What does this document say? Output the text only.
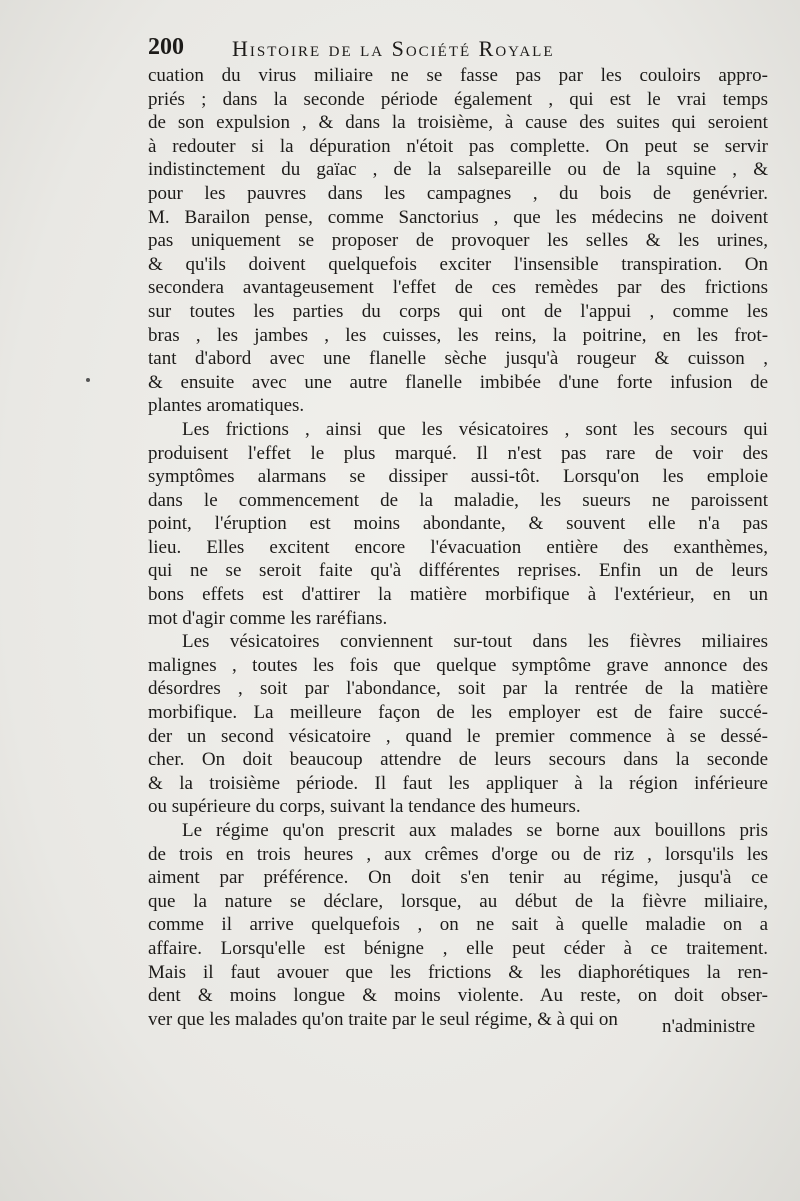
200 Histoire de la Société Royale
cuation du virus miliaire ne se fasse pas par les couloirs appro-
priés ; dans la seconde période également , qui est le vrai temps
de son expulsion , & dans la troisième, à cause des suites qui seroient
à redouter si la dépuration n'étoit pas complette. On peut se servir
indistinctement du gaïac , de la salsepareille ou de la squine , &
pour les pauvres dans les campagnes , du bois de genévrier.
M. Barailon pense, comme Sanctorius , que les médecins ne doivent
pas uniquement se proposer de provoquer les selles & les urines,
& qu'ils doivent quelquefois exciter l'insensible transpiration. On
secondera avantageusement l'effet de ces remèdes par des frictions
sur toutes les parties du corps qui ont de l'appui , comme les
bras , les jambes , les cuisses, les reins, la poitrine, en les frot-
tant d'abord avec une flanelle sèche jusqu'à rougeur & cuisson ,
& ensuite avec une autre flanelle imbibée d'une forte infusion de
plantes aromatiques.
Les frictions , ainsi que les vésicatoires , sont les secours qui
produisent l'effet le plus marqué. Il n'est pas rare de voir des
symptômes alarmans se dissiper aussi-tôt. Lorsqu'on les emploie
dans le commencement de la maladie, les sueurs ne paroissent
point, l'éruption est moins abondante, & souvent elle n'a pas
lieu. Elles excitent encore l'évacuation entière des exanthèmes,
qui ne se seroit faite qu'à différentes reprises. Enfin un de leurs
bons effets est d'attirer la matière morbifique à l'extérieur, en un
mot d'agir comme les raréfians.
Les vésicatoires conviennent sur-tout dans les fièvres miliaires
malignes , toutes les fois que quelque symptôme grave annonce des
désordres , soit par l'abondance, soit par la rentrée de la matière
morbifique. La meilleure façon de les employer est de faire succé-
der un second vésicatoire , quand le premier commence à se dessé-
cher. On doit beaucoup attendre de leurs secours dans la seconde
& la troisième période. Il faut les appliquer à la région inférieure
ou supérieure du corps, suivant la tendance des humeurs.
Le régime qu'on prescrit aux malades se borne aux bouillons pris
de trois en trois heures , aux crêmes d'orge ou de riz , lorsqu'ils les
aiment par préférence. On doit s'en tenir au régime, jusqu'à ce
que la nature se déclare, lorsque, au début de la fièvre miliaire,
comme il arrive quelquefois , on ne sait à quelle maladie on a
affaire. Lorsqu'elle est bénigne , elle peut céder à ce traitement.
Mais il faut avouer que les frictions & les diaphorétiques la ren-
dent & moins longue & moins violente. Au reste, on doit obser-
ver que les malades qu'on traite par le seul régime, & à qui on	n'administre
